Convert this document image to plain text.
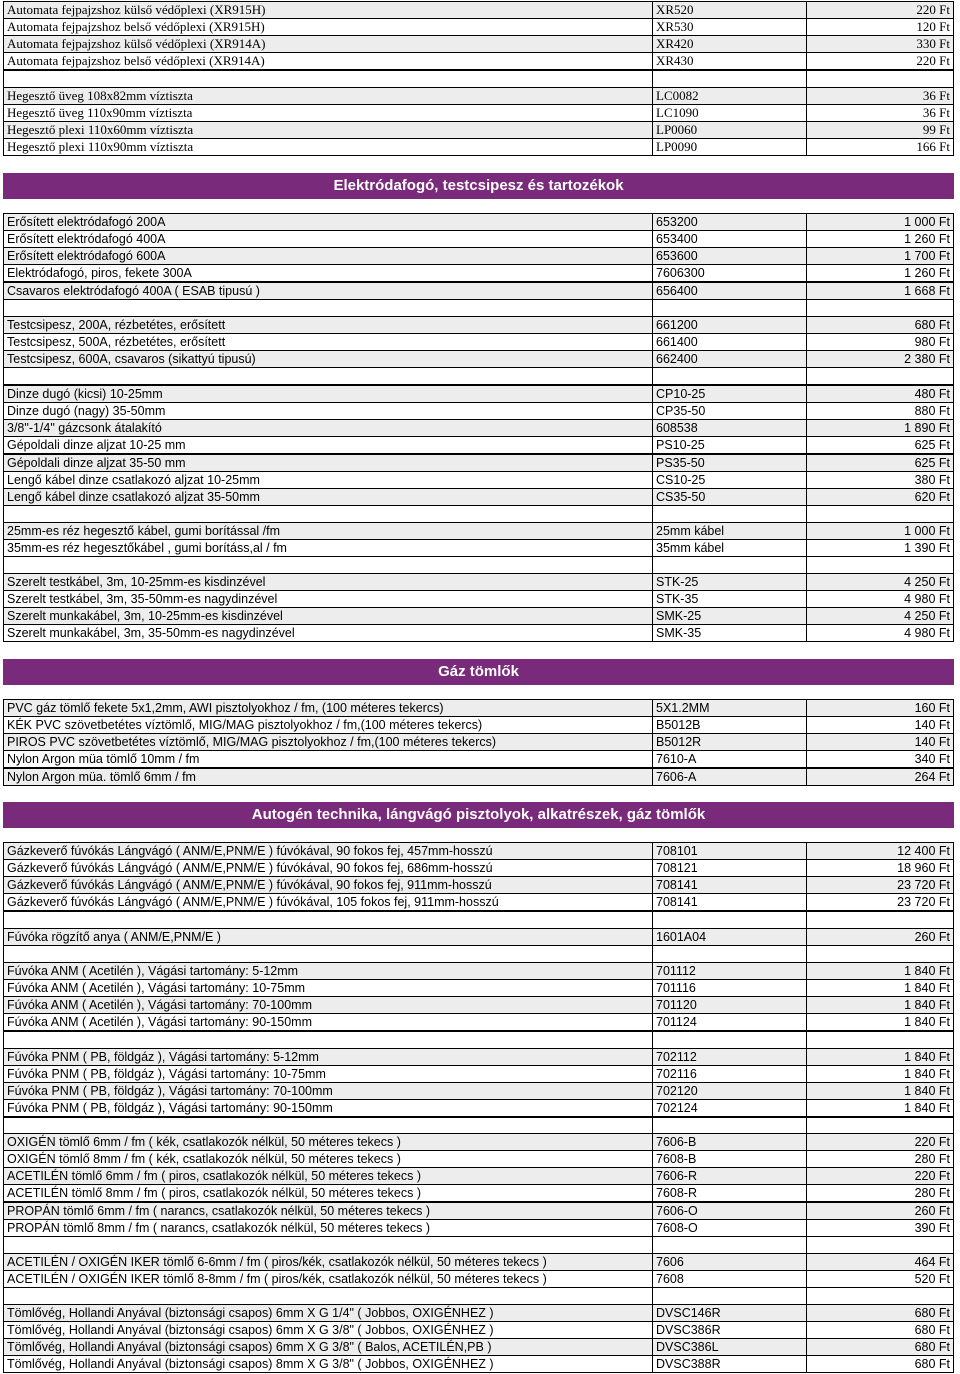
Automata fejpajzshoz külső védőplexi (XR915H)	XR520	220 Ft
Automata fejpajzshoz belső védőplexi (XR915H)	XR530	120 Ft
Automata fejpajzshoz külső védőplexi (XR914A)	XR420	330 Ft
Automata fejpajzshoz belső védőplexi (XR914A)	XR430	220 Ft
Hegesztő üveg 108x82mm víztiszta	LC0082	36 Ft
Hegesztő üveg 110x90mm víztiszta	LC1090	36 Ft
Hegesztő plexi 110x60mm víztiszta	LP0060	99 Ft
Hegesztő plexi 110x90mm víztiszta	LP0090	166 Ft
Elektródafogó, testcsipesz és tartozékok
Erősített elektródafogó 200A	653200	1 000 Ft
Erősített elektródafogó 400A	653400	1 260 Ft
Erősített elektródafogó 600A	653600	1 700 Ft
Elektródafogó, piros, fekete 300A	7606300	1 260 Ft
Csavaros elektródafogó 400A ( ESAB tipusú )	656400	1 668 Ft
Testcsipesz, 200A, rézbetétes, erősített	661200	680 Ft
Testcsipesz, 500A, rézbetétes, erősített	661400	980 Ft
Testcsipesz, 600A, csavaros (sikattyú tipusú)	662400	2 380 Ft
Dinze dugó (kicsi) 10-25mm	CP10-25	480 Ft
Dinze dugó (nagy) 35-50mm	CP35-50	880 Ft
3/8"-1/4" gázcsonk átalakító	608538	1 890 Ft
Gépoldali dinze aljzat 10-25 mm	PS10-25	625 Ft
Gépoldali dinze aljzat 35-50 mm	PS35-50	625 Ft
Lengő kábel dinze csatlakozó aljzat 10-25mm	CS10-25	380 Ft
Lengő kábel dinze csatlakozó aljzat 35-50mm	CS35-50	620 Ft
25mm-es réz hegesztő kábel, gumi borítással /fm	25mm kábel	1 000 Ft
35mm-es réz hegesztőkábel , gumi borításs,al / fm	35mm kábel	1 390 Ft
Szerelt testkábel, 3m, 10-25mm-es kisdinzével	STK-25	4 250 Ft
Szerelt testkábel, 3m, 35-50mm-es nagydinzével	STK-35	4 980 Ft
Szerelt munkakábel, 3m, 10-25mm-es kisdinzével	SMK-25	4 250 Ft
Szerelt munkakábel, 3m, 35-50mm-es nagydinzével	SMK-35	4 980 Ft
Gáz tömlők
PVC gáz tömlő fekete 5x1,2mm, AWI pisztolyokhoz / fm, (100 méteres tekercs)	5X1.2MM	160 Ft
KÉK PVC szövetbetétes víztömlő, MIG/MAG pisztolyokhoz / fm,(100 méteres tekercs)	B5012B	140 Ft
PIROS PVC szövetbetétes víztömlő, MIG/MAG pisztolyokhoz / fm,(100 méteres tekercs)	B5012R	140 Ft
Nylon Argon müa tömlő 10mm / fm	7610-A	340 Ft
Nylon Argon müa. tömlő 6mm / fm	7606-A	264 Ft
Autogén technika, lángvágó pisztolyok, alkatrészek, gáz tömlők
Gázkeverő fúvókás Lángvágó ( ANM/E,PNM/E ) fúvókával, 90 fokos fej, 457mm-hosszú	708101	12 400 Ft
Gázkeverő fúvókás Lángvágó ( ANM/E,PNM/E ) fúvókával, 90 fokos fej, 686mm-hosszú	708121	18 960 Ft
Gázkeverő fúvókás Lángvágó ( ANM/E,PNM/E ) fúvókával, 90 fokos fej, 911mm-hosszú	708141	23 720 Ft
Gázkeverő fúvókás Lángvágó ( ANM/E,PNM/E ) fúvókával, 105 fokos fej, 911mm-hosszú	708141	23 720 Ft
Fúvóka rögzítő anya ( ANM/E,PNM/E )	1601A04	260 Ft
Fúvóka ANM ( Acetilén ), Vágási tartomány: 5-12mm	701112	1 840 Ft
Fúvóka ANM ( Acetilén ), Vágási tartomány: 10-75mm	701116	1 840 Ft
Fúvóka ANM ( Acetilén ), Vágási tartomány: 70-100mm	701120	1 840 Ft
Fúvóka ANM ( Acetilén ), Vágási tartomány: 90-150mm	701124	1 840 Ft
Fúvóka PNM ( PB, földgáz ), Vágási tartomány: 5-12mm	702112	1 840 Ft
Fúvóka PNM ( PB, földgáz ), Vágási tartomány: 10-75mm	702116	1 840 Ft
Fúvóka PNM ( PB, földgáz ), Vágási tartomány: 70-100mm	702120	1 840 Ft
Fúvóka PNM ( PB, földgáz ), Vágási tartomány: 90-150mm	702124	1 840 Ft
OXIGÉN tömlő 6mm / fm ( kék, csatlakozók nélkül, 50 méteres tekecs )	7606-B	220 Ft
OXIGÉN tömlő 8mm / fm ( kék, csatlakozók nélkül, 50 méteres tekecs )	7608-B	280 Ft
ACETILÉN tömlő 6mm / fm ( piros, csatlakozók nélkül, 50 méteres tekecs )	7606-R	220 Ft
ACETILÉN tömlő 8mm / fm ( piros, csatlakozók nélkül, 50 méteres tekecs )	7608-R	280 Ft
PROPÁN tömlő 6mm / fm ( narancs, csatlakozók nélkül, 50 méteres tekecs )	7606-O	260 Ft
PROPÁN tömlő 8mm / fm ( narancs, csatlakozók nélkül, 50 méteres tekecs )	7608-O	390 Ft
ACETILÉN / OXIGÉN IKER tömlő 6-6mm / fm ( piros/kék, csatlakozók nélkül, 50 méteres tekecs )	7606	464 Ft
ACETILÉN / OXIGÉN IKER tömlő 8-8mm / fm ( piros/kék, csatlakozók nélkül, 50 méteres tekecs )	7608	520 Ft
Tömlővég, Hollandi Anyával (biztonsági csapos) 6mm X G 1/4" ( Jobbos, OXIGÉNHEZ )	DVSC146R	680 Ft
Tömlővég, Hollandi Anyával (biztonsági csapos) 6mm X G 3/8" ( Jobbos, OXIGÉNHEZ )	DVSC386R	680 Ft
Tömlővég, Hollandi Anyával (biztonsági csapos) 6mm X G 3/8" ( Balos, ACETILÉN,PB )	DVSC386L	680 Ft
Tömlővég, Hollandi Anyával (biztonsági csapos) 8mm X G 3/8" ( Jobbos, OXIGÉNHEZ )	DVSC388R	680 Ft
